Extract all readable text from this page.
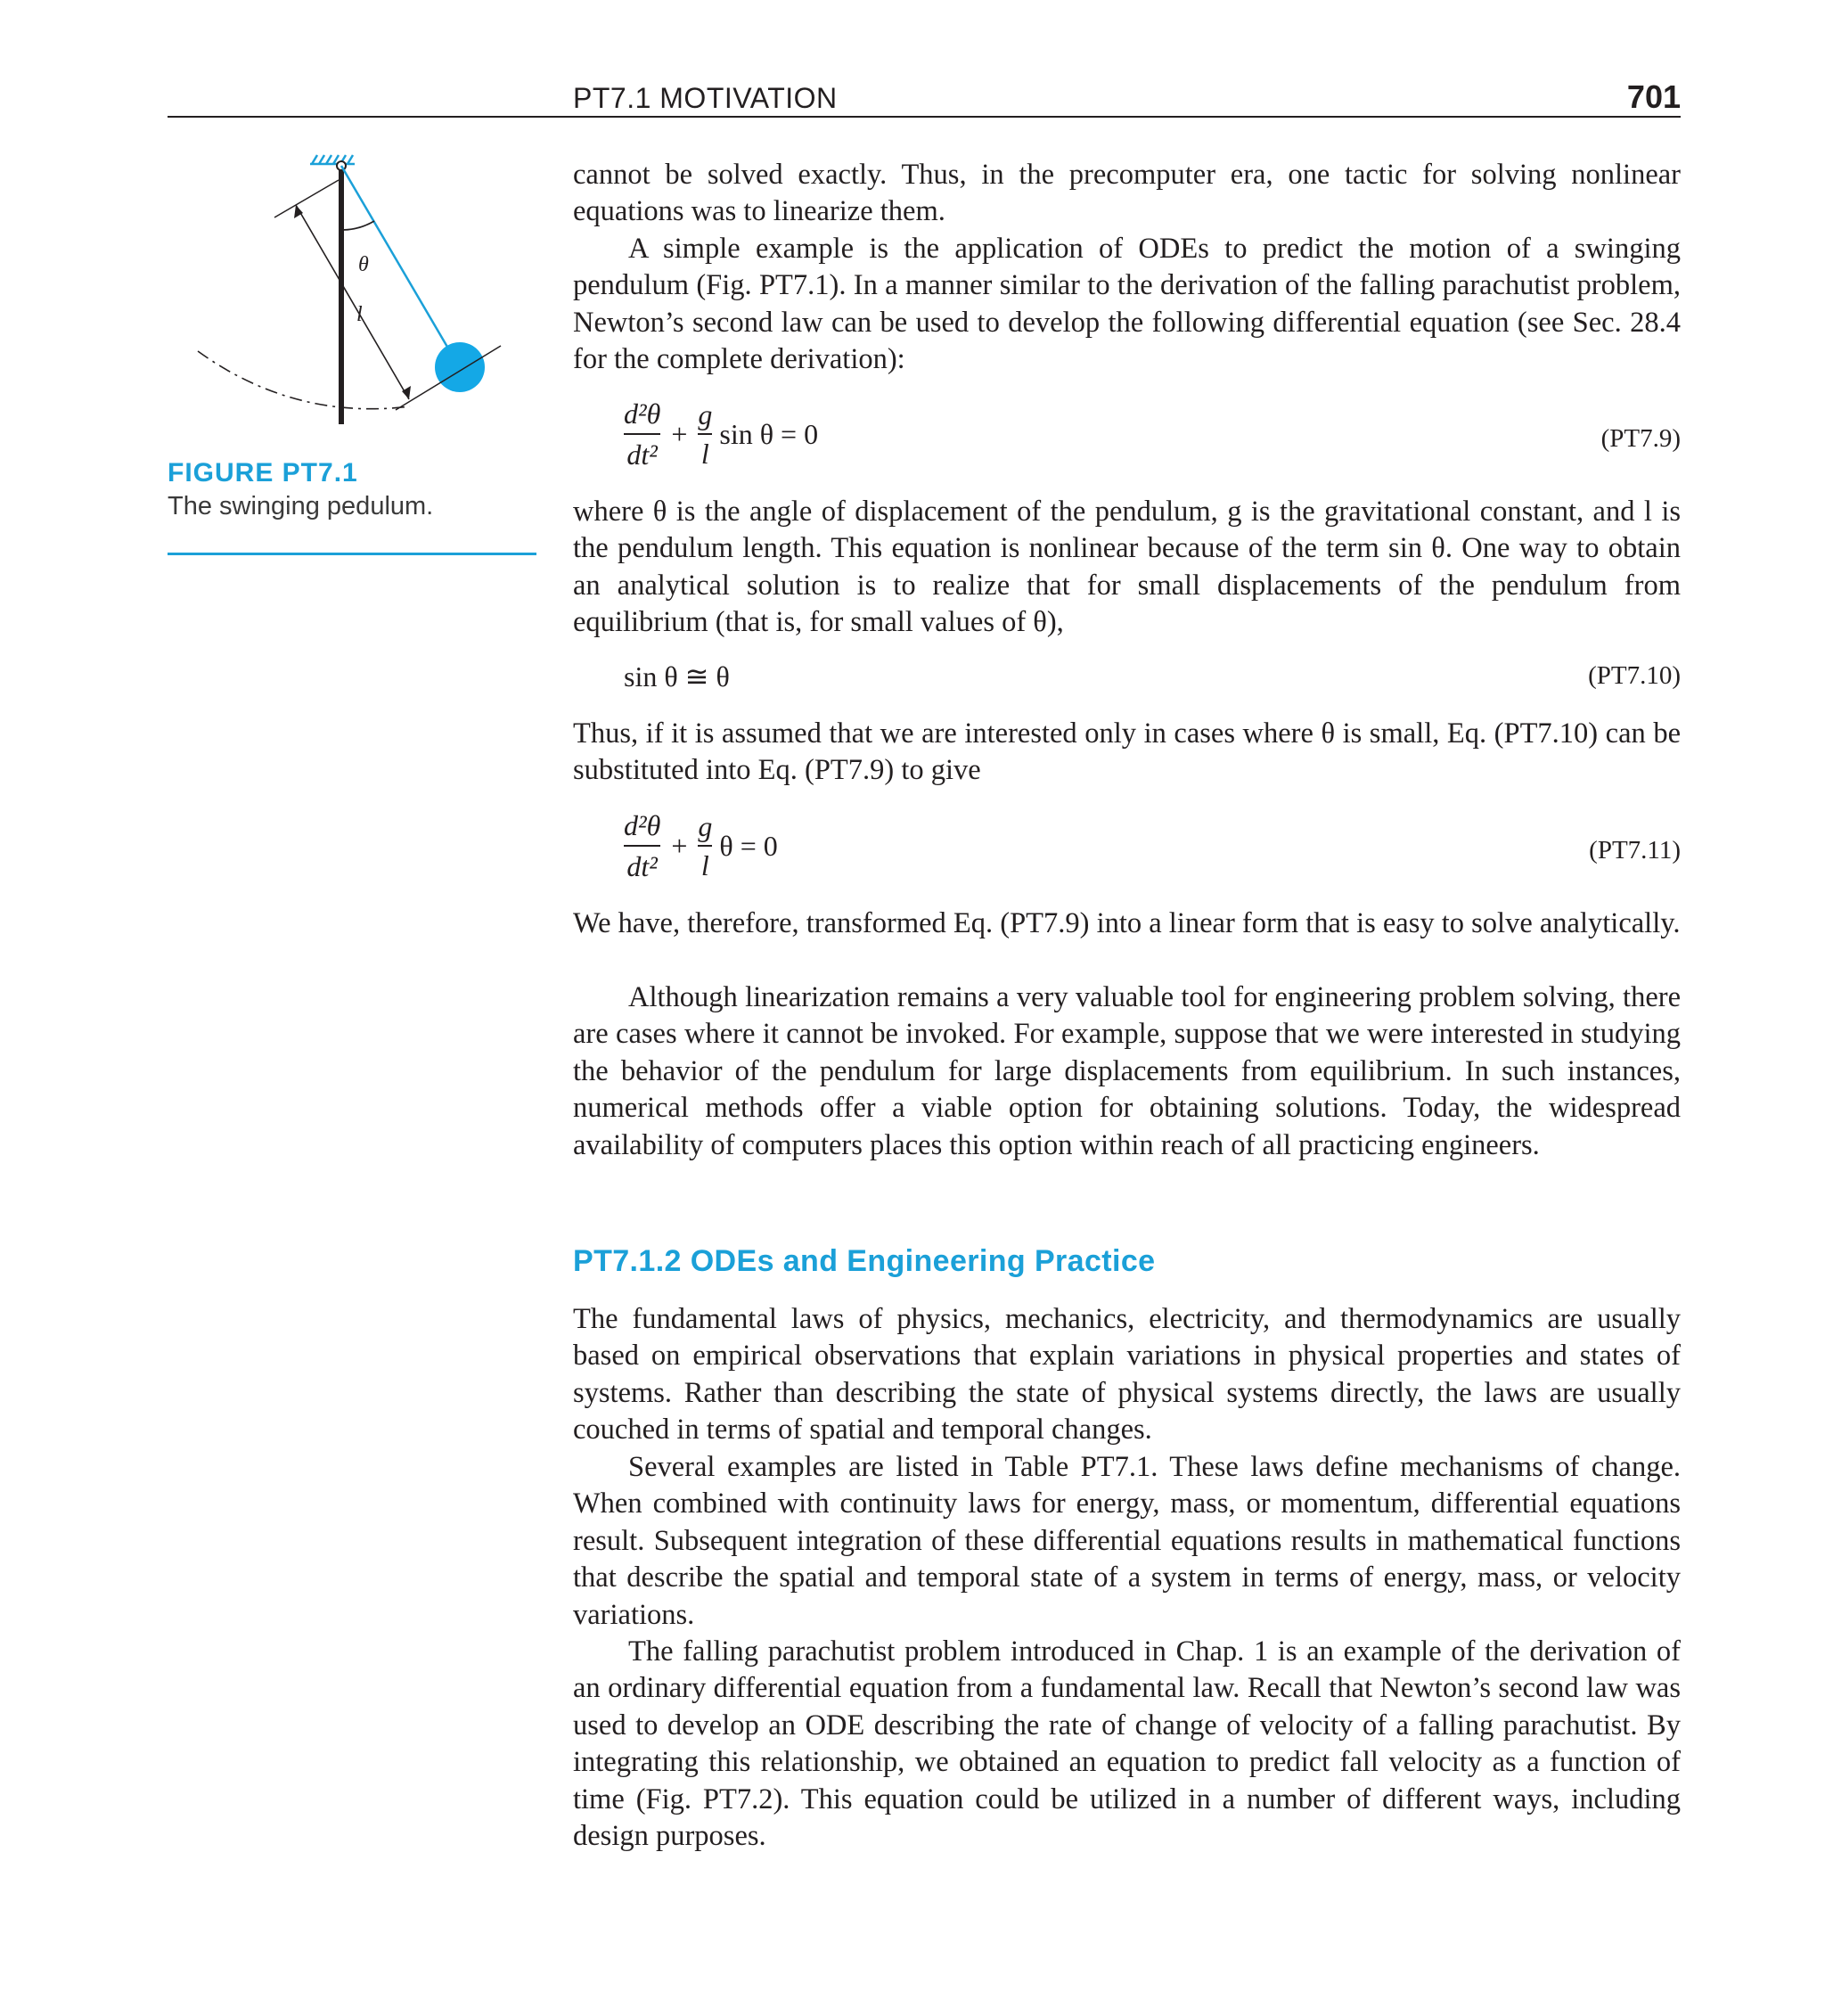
PT7.1 MOTIVATION	701
θ
l
FIGURE PT7.1
The swinging pedulum.

cannot be solved exactly. Thus, in the precomputer era, one tactic for solving nonlinear equations was to linearize them.

A simple example is the application of ODEs to predict the motion of a swinging pendulum (Fig. PT7.1). In a manner similar to the derivation of the falling parachutist problem, Newton’s second law can be used to develop the following differential equation (see Sec. 28.4 for the complete derivation):

$\frac{\text{d²θ}}{\text{dt²}} + \frac{g}{l}$ sin θ = 0	(PT7.9)

where θ is the angle of displacement of the pendulum, g is the gravitational constant, and l is the pendulum length. This equation is nonlinear because of the term sin θ. One way to obtain an analytical solution is to realize that for small displacements of the pendulum from equilibrium (that is, for small values of θ),

sin θ ≅ θ	(PT7.10)

Thus, if it is assumed that we are interested only in cases where θ is small, Eq. (PT7.10) can be substituted into Eq. (PT7.9) to give

$\frac{\text{d²θ}}{\text{dt²}} + \frac{g}{l}$ θ = 0	(PT7.11)

We have, therefore, transformed Eq. (PT7.9) into a linear form that is easy to solve analytically.

Although linearization remains a very valuable tool for engineering problem solving, there are cases where it cannot be invoked. For example, suppose that we were interested in studying the behavior of the pendulum for large displacements from equilibrium. In such instances, numerical methods offer a viable option for obtaining solutions. Today, the widespread availability of computers places this option within reach of all practicing engineers.

PT7.1.2 ODEs and Engineering Practice

The fundamental laws of physics, mechanics, electricity, and thermodynamics are usually based on empirical observations that explain variations in physical properties and states of systems. Rather than describing the state of physical systems directly, the laws are usually couched in terms of spatial and temporal changes.

Several examples are listed in Table PT7.1. These laws define mechanisms of change. When combined with continuity laws for energy, mass, or momentum, differential equations result. Subsequent integration of these differential equations results in mathematical functions that describe the spatial and temporal state of a system in terms of energy, mass, or velocity variations.

The falling parachutist problem introduced in Chap. 1 is an example of the derivation of an ordinary differential equation from a fundamental law. Recall that Newton’s second law was used to develop an ODE describing the rate of change of velocity of a falling parachutist. By integrating this relationship, we obtained an equation to predict fall velocity as a function of time (Fig. PT7.2). This equation could be utilized in a number of different ways, including design purposes.
